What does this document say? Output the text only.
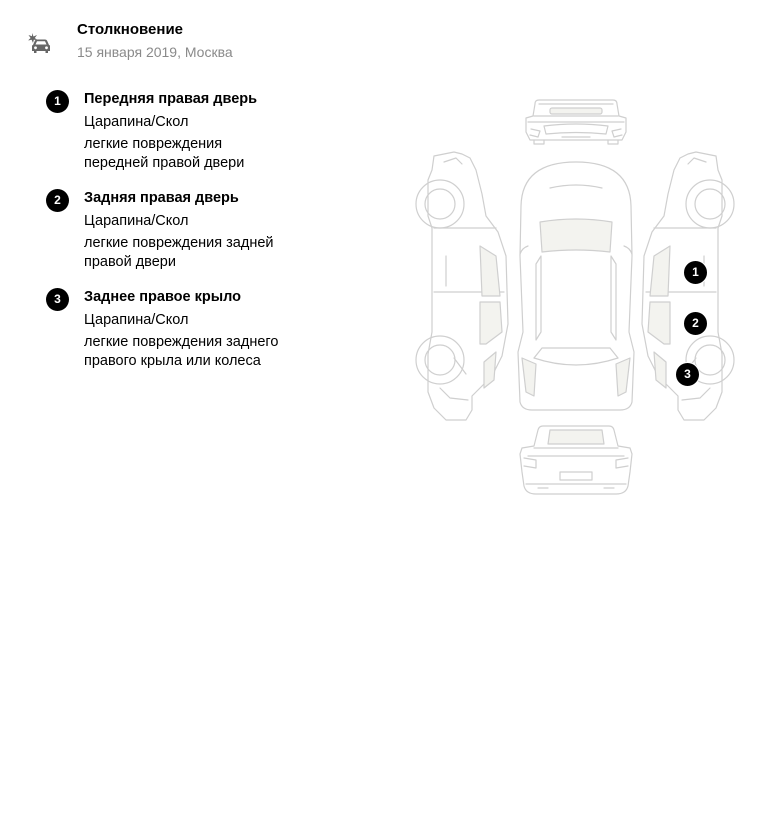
Столкновение
15 января 2019, Москва
1	Передняя правая дверь
Царапина/Скол
легкие повреждения передней правой двери
2	Задняя правая дверь
Царапина/Скол
легкие повреждения задней правой двери
3	Заднее правое крыло
Царапина/Скол
легкие повреждения заднего правого крыла или колеса
1
2
3
